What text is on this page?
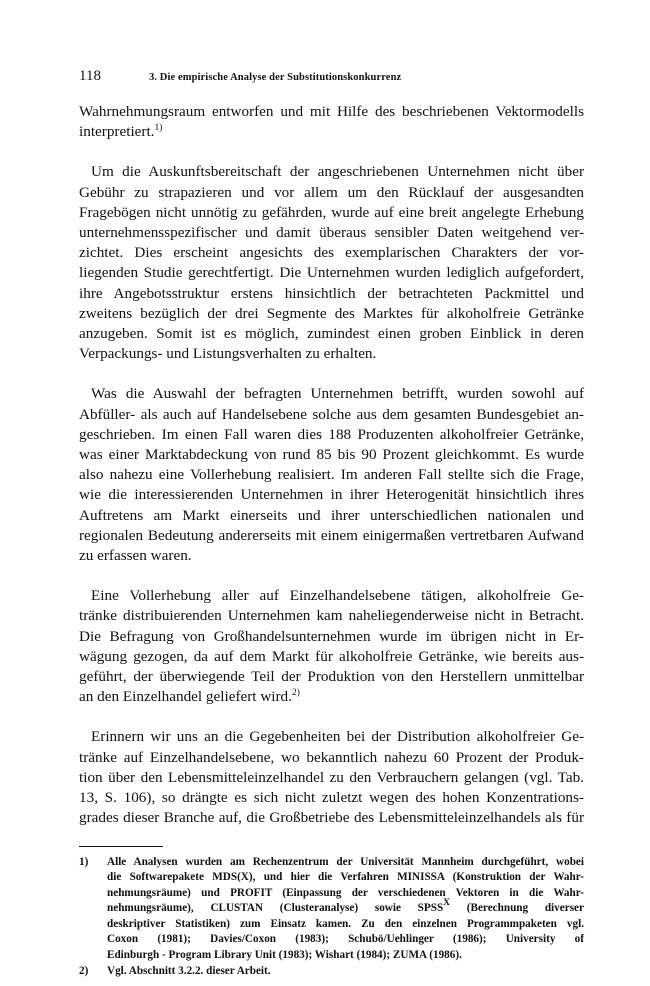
118	3. Die empirische Analyse der Substitutionskonkurrenz

Wahrnehmungsraum entworfen und mit Hilfe des beschriebenen Vektormodells
interpretiert.$^{1)}$

Um die Auskunftsbereitschaft der angeschriebenen Unternehmen nicht über
Gebühr zu strapazieren und vor allem um den Rücklauf der ausgesandten
Fragebögen nicht unnötig zu gefährden, wurde auf eine breit angelegte Erhebung
unternehmensspezifischer und damit überaus sensibler Daten weitgehend ver-
zichtet. Dies erscheint angesichts des exemplarischen Charakters der vor-
liegenden Studie gerechtfertigt. Die Unternehmen wurden lediglich aufgefordert,
ihre Angebotsstruktur erstens hinsichtlich der betrachteten Packmittel und
zweitens bezüglich der drei Segmente des Marktes für alkoholfreie Getränke
anzugeben. Somit ist es möglich, zumindest einen groben Einblick in deren
Verpackungs- und Listungsverhalten zu erhalten.

Was die Auswahl der befragten Unternehmen betrifft, wurden sowohl auf
Abfüller- als auch auf Handelsebene solche aus dem gesamten Bundesgebiet an-
geschrieben. Im einen Fall waren dies 188 Produzenten alkoholfreier Getränke,
was einer Marktabdeckung von rund 85 bis 90 Prozent gleichkommt. Es wurde
also nahezu eine Vollerhebung realisiert. Im anderen Fall stellte sich die Frage,
wie die interessierenden Unternehmen in ihrer Heterogenität hinsichtlich ihres
Auftretens am Markt einerseits und ihrer unterschiedlichen nationalen und
regionalen Bedeutung andererseits mit einem einigermaßen vertretbaren Aufwand
zu erfassen waren.

Eine Vollerhebung aller auf Einzelhandelsebene tätigen, alkoholfreie Ge-
tränke distribuierenden Unternehmen kam naheliegenderweise nicht in Betracht.
Die Befragung von Großhandelsunternehmen wurde im übrigen nicht in Er-
wägung gezogen, da auf dem Markt für alkoholfreie Getränke, wie bereits aus-
geführt, der überwiegende Teil der Produktion von den Herstellern unmittelbar
an den Einzelhandel geliefert wird.$^{2)}$

Erinnern wir uns an die Gegebenheiten bei der Distribution alkoholfreier Ge-
tränke auf Einzelhandelsebene, wo bekanntlich nahezu 60 Prozent der Produk-
tion über den Lebensmitteleinzelhandel zu den Verbrauchern gelangen (vgl. Tab.
13, S. 106), so drängte es sich nicht zuletzt wegen des hohen Konzentrations-
grades dieser Branche auf, die Großbetriebe des Lebensmitteleinzelhandels als für

1)	Alle Analysen wurden am Rechenzentrum der Universität Mannheim durchgeführt, wobei
die Softwarepakete MDS(X), und hier die Verfahren MINISSA (Konstruktion der Wahr-
nehmungsräume) und PROFIT (Einpassung der verschiedenen Vektoren in die Wahr-
nehmungsräume), CLUSTAN (Clusteranalyse) sowie $SPSS^X$ (Berechnung diverser
deskriptiver Statistiken) zum Einsatz kamen. Zu den einzelnen Programmpaketen vgl.
Coxon (1981); Davies/Coxon (1983); Schubö/Uehlinger (1986); University of
Edinburgh - Program Library Unit (1983); Wishart (1984); ZUMA (1986).
2)	Vgl. Abschnitt 3.2.2. dieser Arbeit.
